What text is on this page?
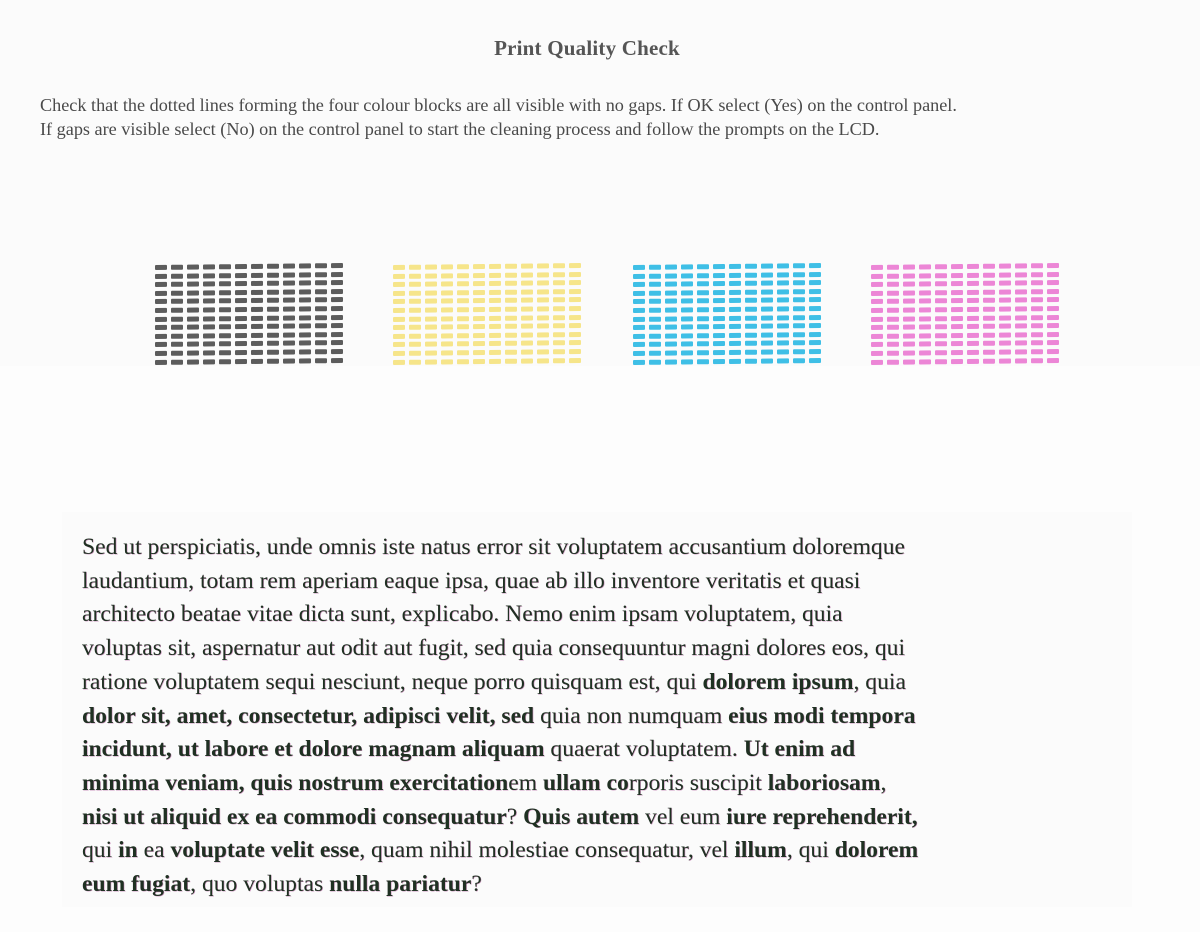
Print Quality Check
Check that the dotted lines forming the four colour blocks are all visible with no gaps. If OK select (Yes) on the control panel.
If gaps are visible select (No) on the control panel to start the cleaning process and follow the prompts on the LCD.
Sed ut perspiciatis, unde omnis iste natus error sit voluptatem accusantium doloremque
laudantium, totam rem aperiam eaque ipsa, quae ab illo inventore veritatis et quasi
architecto beatae vitae dicta sunt, explicabo. Nemo enim ipsam voluptatem, quia
voluptas sit, aspernatur aut odit aut fugit, sed quia consequuntur magni dolores eos, qui
ratione voluptatem sequi nesciunt, neque porro quisquam est, qui dolorem ipsum, quia
dolor sit, amet, consectetur, adipisci velit, sed quia non numquam eius modi tempora
incidunt, ut labore et dolore magnam aliquam quaerat voluptatem. Ut enim ad
minima veniam, quis nostrum exercitationem ullam corporis suscipit laboriosam,
nisi ut aliquid ex ea commodi consequatur? Quis autem vel eum iure reprehenderit,
qui in ea voluptate velit esse, quam nihil molestiae consequatur, vel illum, qui dolorem
eum fugiat, quo voluptas nulla pariatur?
